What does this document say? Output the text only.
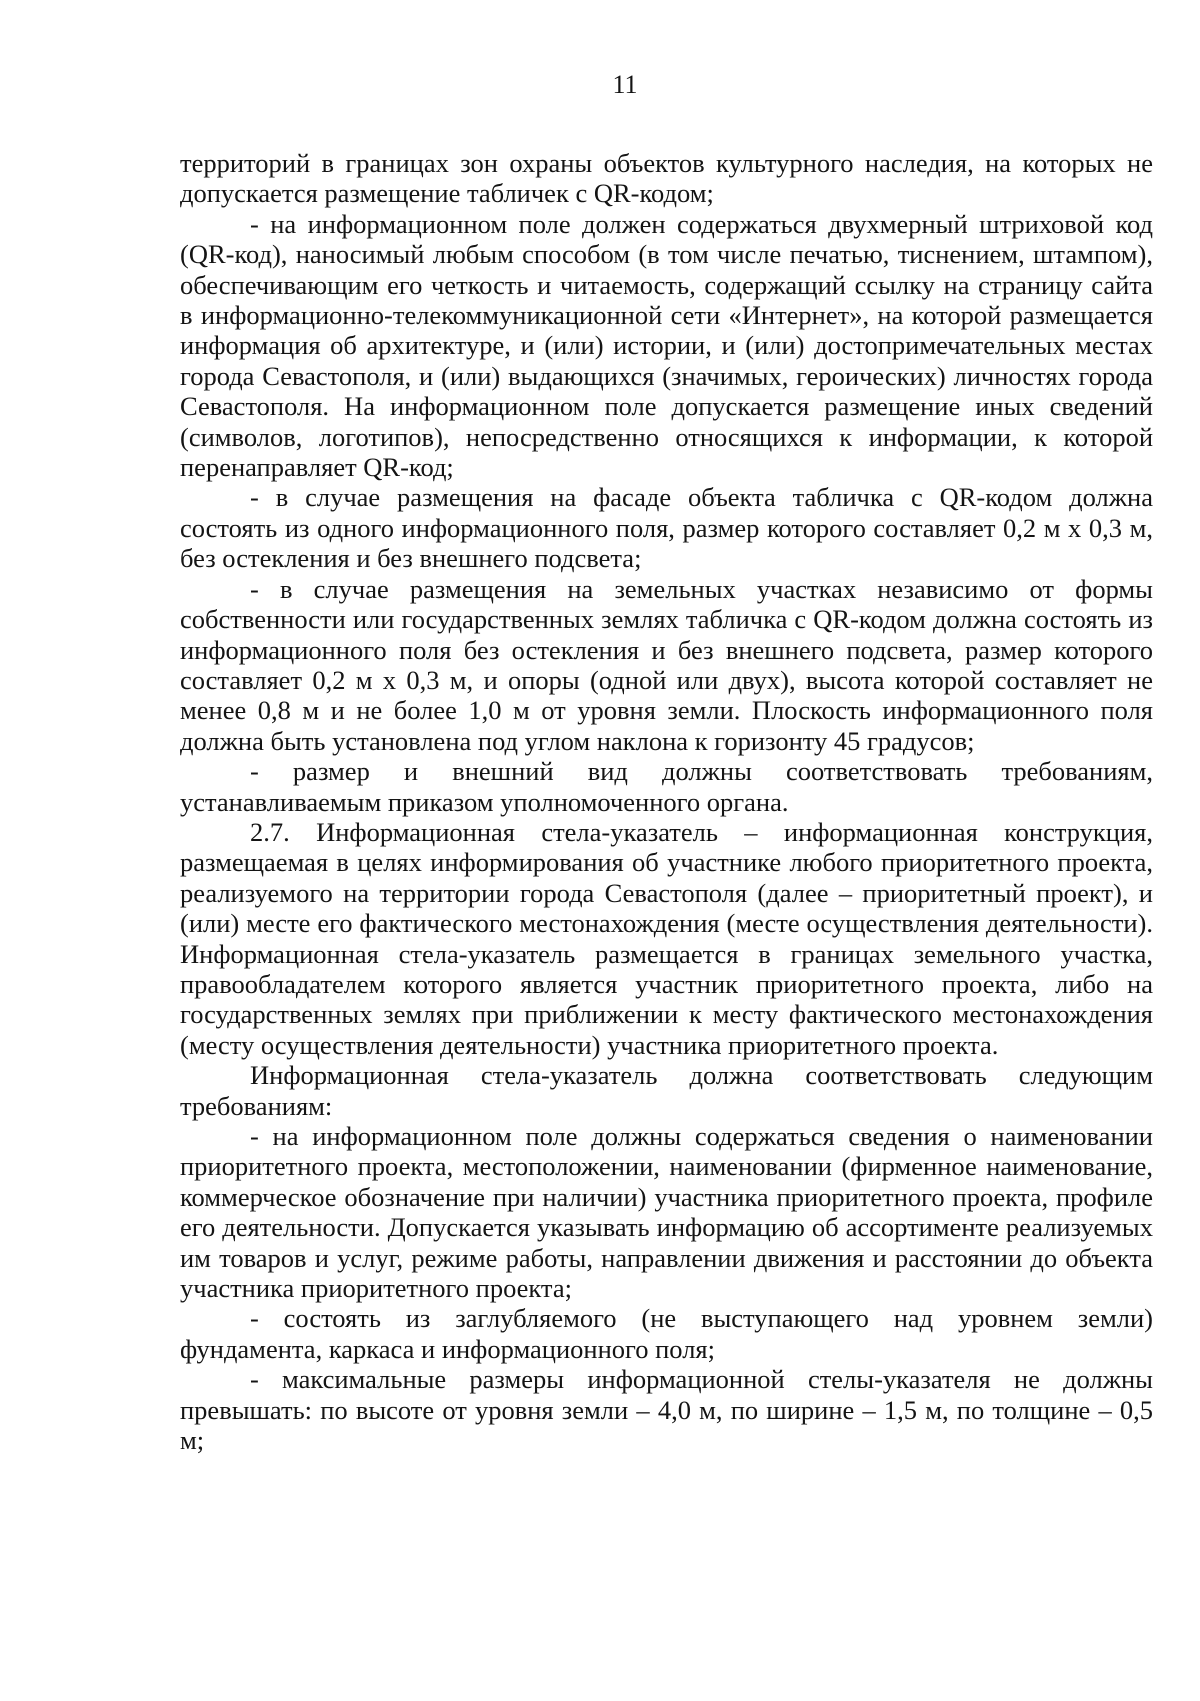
11

территорий в границах зон охраны объектов культурного наследия, на которых не допускается размещение табличек с QR-кодом;

- на информационном поле должен содержаться двухмерный штриховой код (QR-код), наносимый любым способом (в том числе печатью, тиснением, штампом), обеспечивающим его четкость и читаемость, содержащий ссылку на страницу сайта в информационно-телекоммуникационной сети «Интернет», на которой размещается информация об архитектуре, и (или) истории, и (или) достопримечательных местах города Севастополя, и (или) выдающихся (значимых, героических) личностях города Севастополя. На информационном поле допускается размещение иных сведений (символов, логотипов), непосредственно относящихся к информации, к которой перенаправляет QR-код;

- в случае размещения на фасаде объекта табличка с QR-кодом должна состоять из одного информационного поля, размер которого составляет 0,2 м x 0,3 м, без остекления и без внешнего подсвета;

- в случае размещения на земельных участках независимо от формы собственности или государственных землях табличка с QR-кодом должна состоять из информационного поля без остекления и без внешнего подсвета, размер которого составляет 0,2 м x 0,3 м, и опоры (одной или двух), высота которой составляет не менее 0,8 м и не более 1,0 м от уровня земли. Плоскость информационного поля должна быть установлена под углом наклона к горизонту 45 градусов;

- размер и внешний вид должны соответствовать требованиям, устанавливаемым приказом уполномоченного органа.

2.7. Информационная стела-указатель – информационная конструкция, размещаемая в целях информирования об участнике любого приоритетного проекта, реализуемого на территории города Севастополя (далее – приоритетный проект), и (или) месте его фактического местонахождения (месте осуществления деятельности). Информационная стела-указатель размещается в границах земельного участка, правообладателем которого является участник приоритетного проекта, либо на государственных землях при приближении к месту фактического местонахождения (месту осуществления деятельности) участника приоритетного проекта.

Информационная стела-указатель должна соответствовать следующим требованиям:

- на информационном поле должны содержаться сведения о наименовании приоритетного проекта, местоположении, наименовании (фирменное наименование, коммерческое обозначение при наличии) участника приоритетного проекта, профиле его деятельности. Допускается указывать информацию об ассортименте реализуемых им товаров и услуг, режиме работы, направлении движения и расстоянии до объекта участника приоритетного проекта;

- состоять из заглубляемого (не выступающего над уровнем земли) фундамента, каркаса и информационного поля;

- максимальные размеры информационной стелы-указателя не должны превышать: по высоте от уровня земли – 4,0 м, по ширине – 1,5 м, по толщине – 0,5 м;
